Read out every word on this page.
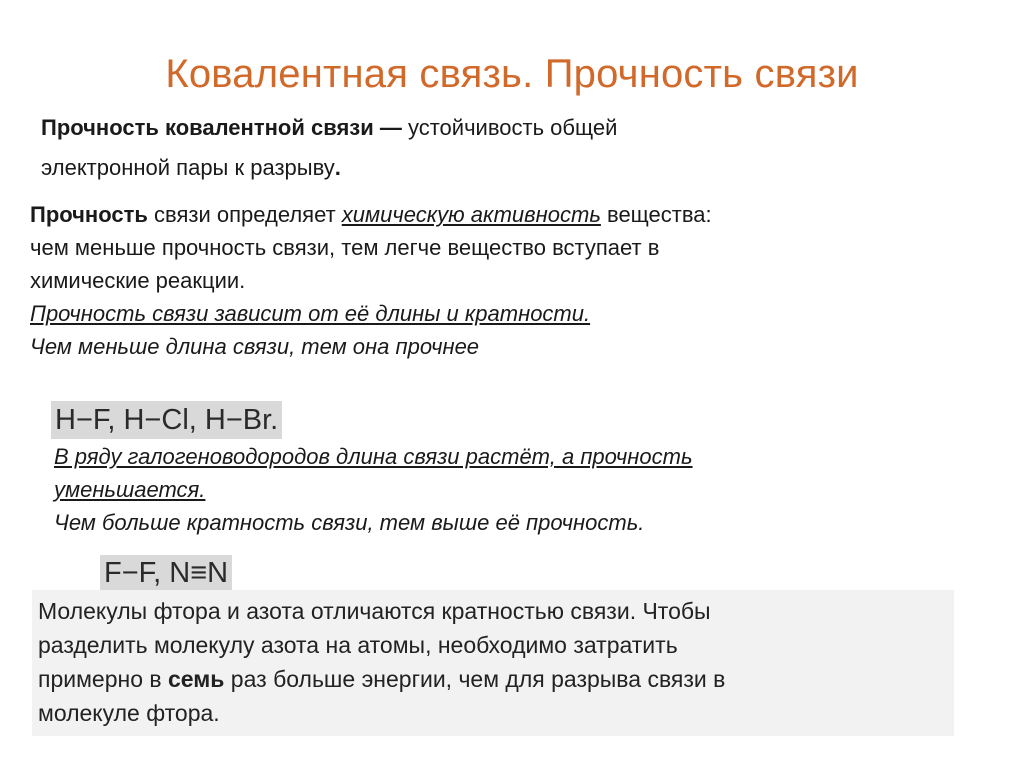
Ковалентная связь. Прочность связи
Прочность ковалентной связи — устойчивость общей
электронной пары к разрыву.
Прочность связи определяет химическую активность вещества:
чем меньше прочность связи, тем легче вещество вступает в
химические реакции.
Прочность связи зависит от её длины и кратности.
Чем меньше длина связи, тем она прочнее
H−F, H−Cl, H−Br.
В ряду галогеноводородов длина связи растёт, а прочность
уменьшается.
Чем больше кратность связи, тем выше её прочность.
F−F, N≡N
Молекулы фтора и азота отличаются кратностью связи. Чтобы
разделить молекулу азота на атомы, необходимо затратить
примерно в семь раз больше энергии, чем для разрыва связи в
молекуле фтора.
